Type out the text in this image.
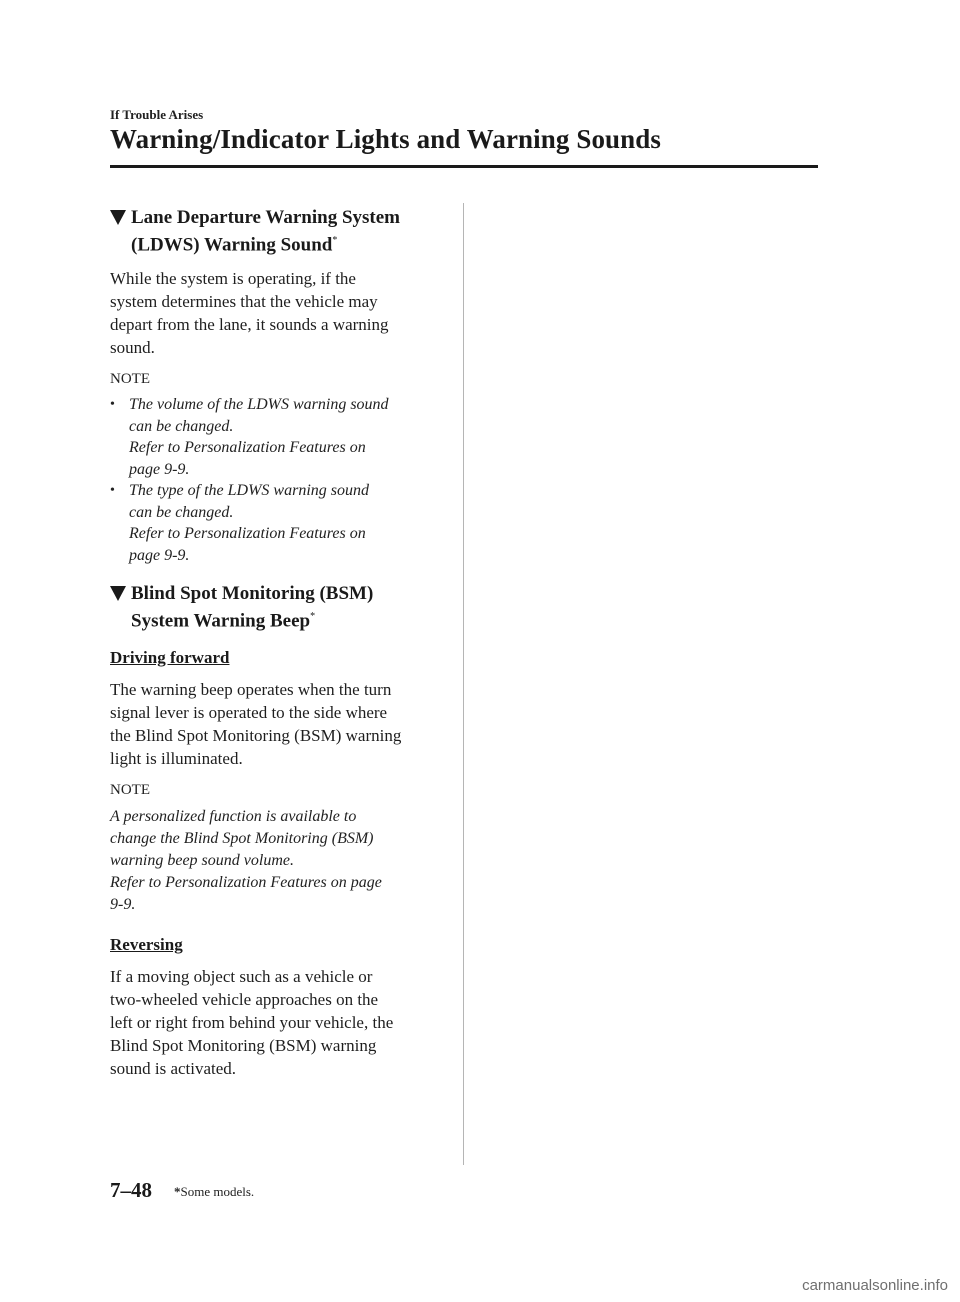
If Trouble Arises
Warning/Indicator Lights and Warning Sounds
Lane Departure Warning System
(LDWS) Warning Sound*

While the system is operating, if the
system determines that the vehicle may
depart from the lane, it sounds a warning
sound.

NOTE
• The volume of the LDWS warning sound
can be changed.
Refer to Personalization Features on
page 9-9.
• The type of the LDWS warning sound
can be changed.
Refer to Personalization Features on
page 9-9.
Blind Spot Monitoring (BSM)
System Warning Beep*
Driving forward

The warning beep operates when the turn
signal lever is operated to the side where
the Blind Spot Monitoring (BSM) warning
light is illuminated.

NOTE

A personalized function is available to
change the Blind Spot Monitoring (BSM)
warning beep sound volume.
Refer to Personalization Features on page
9-9.

Reversing

If a moving object such as a vehicle or
two-wheeled vehicle approaches on the
left or right from behind your vehicle, the
Blind Spot Monitoring (BSM) warning
sound is activated.

7–48 *Some models.
carmanualsonline.info
